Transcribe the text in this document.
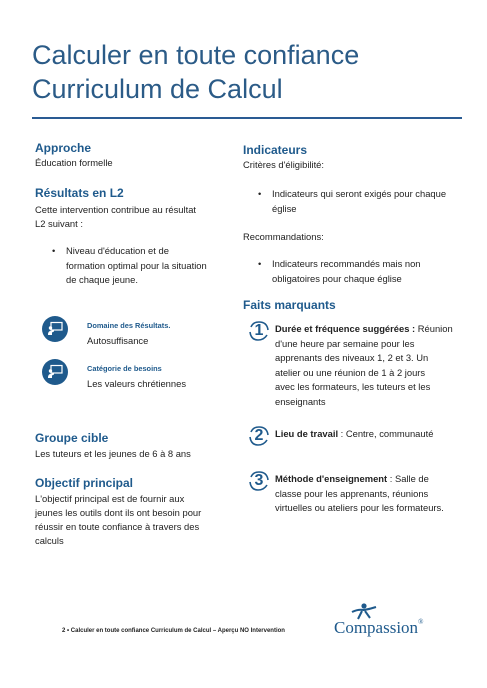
Calculer en toute confiance
Curriculum de Calcul
Approche
Éducation formelle
Résultats en L2
Cette intervention contribue au résultat
L2 suivant :
• Niveau d'éducation et de
formation optimal pour la situation
de chaque jeune.
Domaine des Résultats.
Autosuffisance
Catégorie de besoins
Les valeurs chrétiennes
Groupe cible
Les tuteurs et les jeunes de 6 à 8 ans
Objectif principal
L'objectif principal est de fournir aux
jeunes les outils dont ils ont besoin pour
réussir en toute confiance à travers des
calculs
Indicateurs
Critères d'éligibilité:
• Indicateurs qui seront exigés pour chaque
église
Recommandations:
• Indicateurs recommandés mais non
obligatoires pour chaque église
Faits marquants
1	Durée et fréquence suggérées : Réunion
d'une heure par semaine pour les
apprenants des niveaux 1, 2 et 3. Un
atelier ou une réunion de 1 à 2 jours
avec les formateurs, les tuteurs et les
enseignants
2	Lieu de travail : Centre, communauté
3	Méthode d'enseignement : Salle de
classe pour les apprenants, réunions
virtuelles ou ateliers pour les formateurs.
2 • Calculer en toute confiance Curriculum de Calcul – Aperçu NO Intervention	Compassion®
